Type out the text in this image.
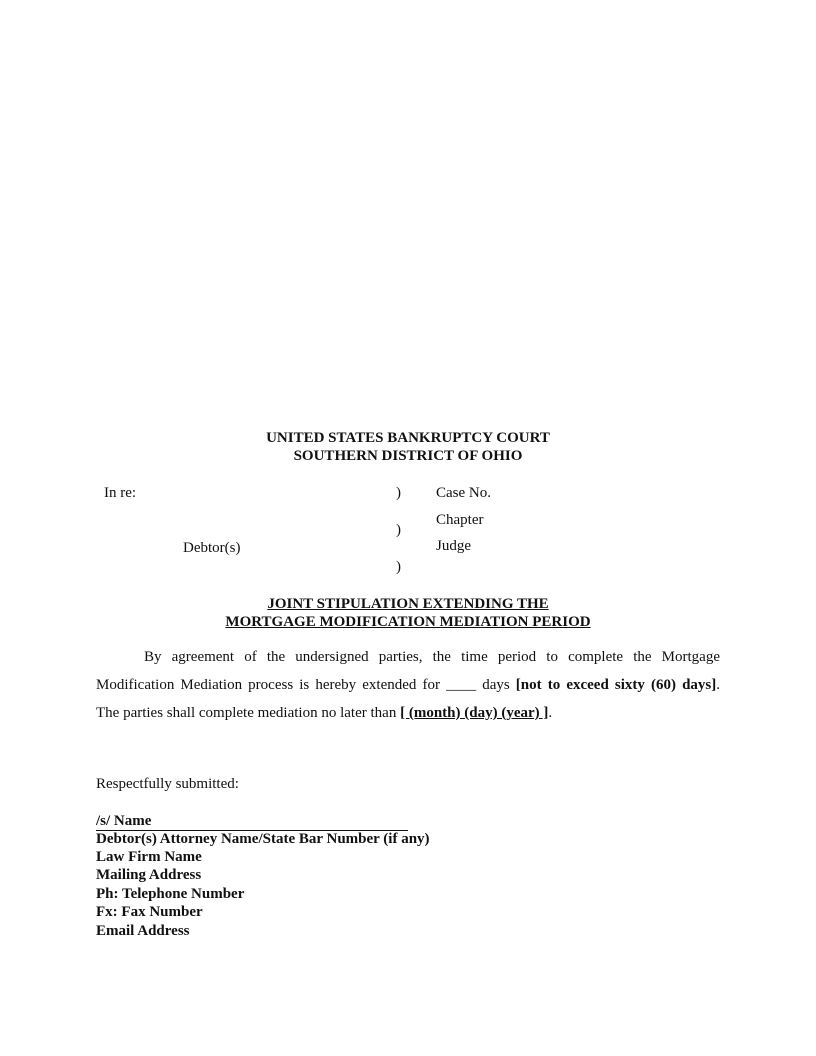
UNITED STATES BANKRUPTCY COURT
SOUTHERN DISTRICT OF OHIO
In re:
Debtor(s)
)
)
)
Case No.
Chapter
Judge
JOINT STIPULATION EXTENDING THE
MORTGAGE MODIFICATION MEDIATION PERIOD
By agreement of the undersigned parties, the time period to complete the Mortgage
Modification Mediation process is hereby extended for ____ days [not to exceed sixty (60) days].
The parties shall complete mediation no later than [ (month) (day) (year) ].
Respectfully submitted:
/s/ Name
Debtor(s) Attorney Name/State Bar Number (if any)
Law Firm Name
Mailing Address
Ph: Telephone Number
Fx: Fax Number
Email Address
